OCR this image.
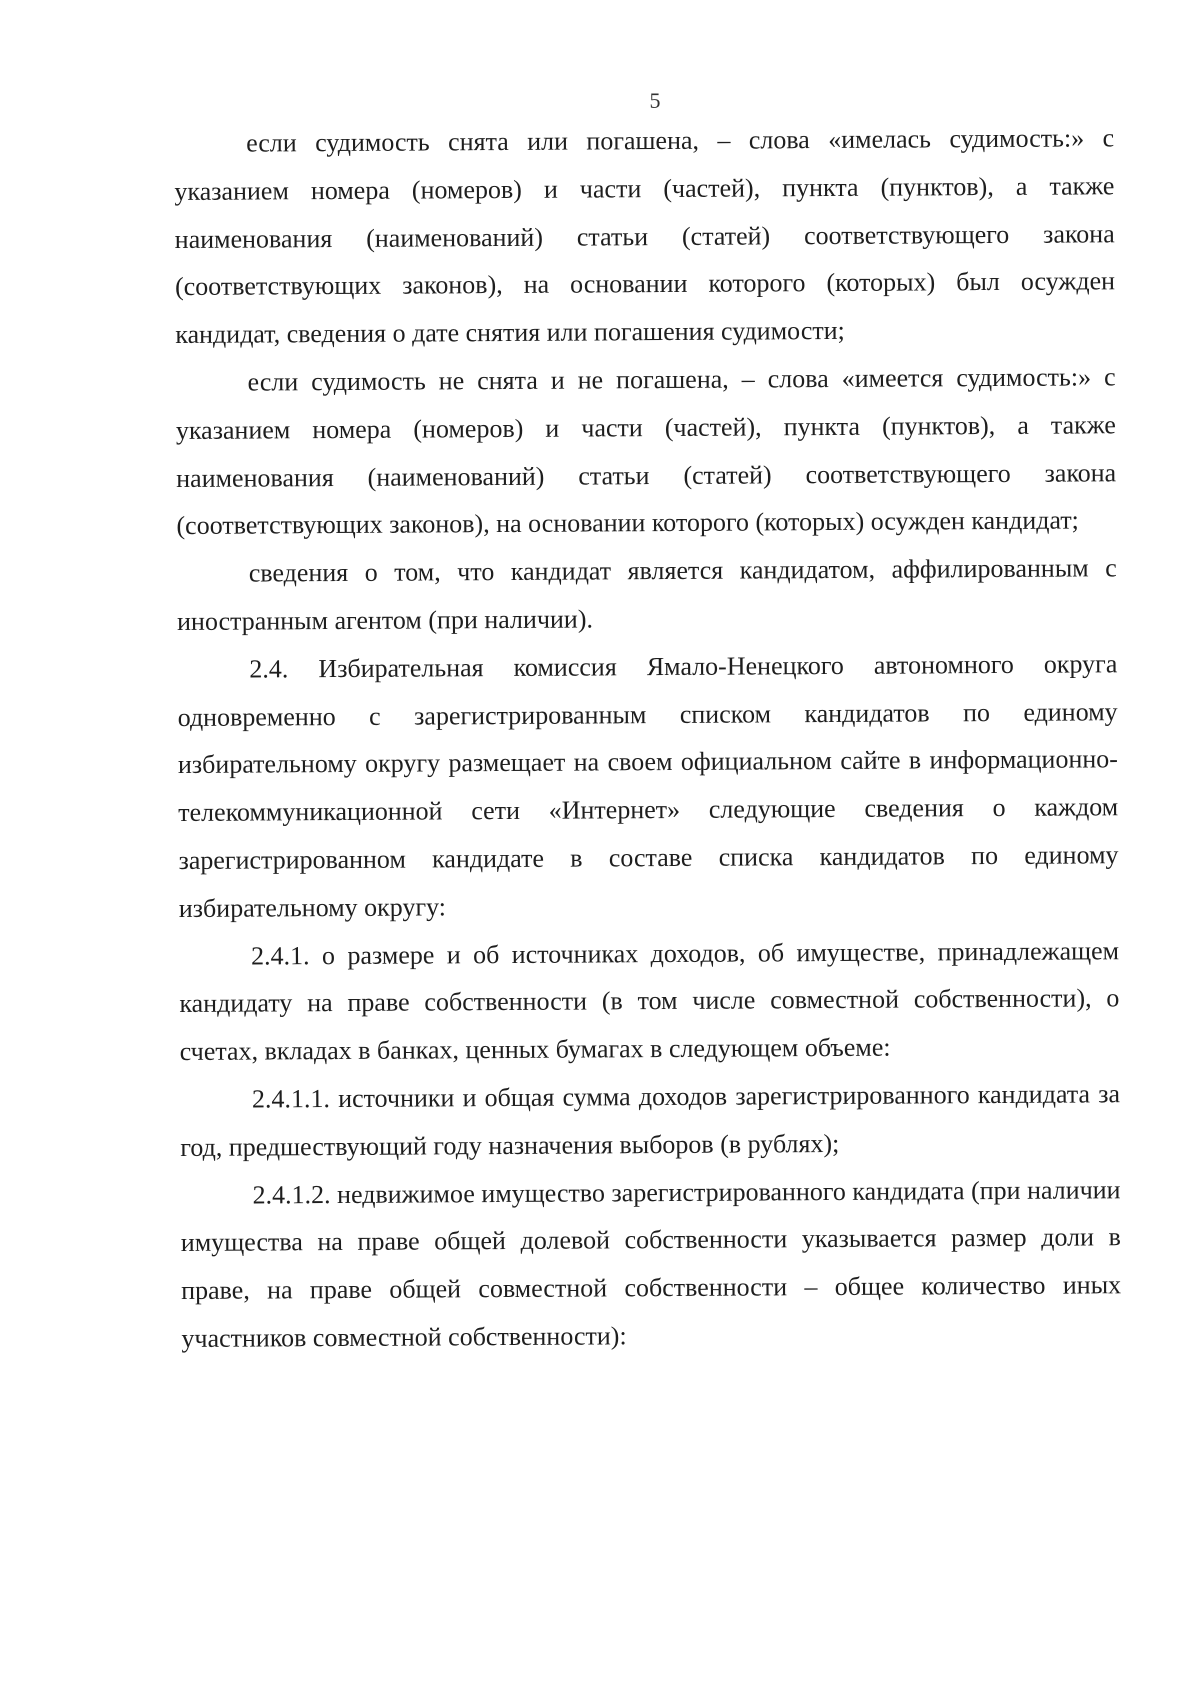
5

если судимость снята или погашена, – слова «имелась судимость:» с указанием номера (номеров) и части (частей), пункта (пунктов), а также наименования (наименований) статьи (статей) соответствующего закона (соответствующих законов), на основании которого (которых) был осужден кандидат, сведения о дате снятия или погашения судимости;

если судимость не снята и не погашена, – слова «имеется судимость:» с указанием номера (номеров) и части (частей), пункта (пунктов), а также наименования (наименований) статьи (статей) соответствующего закона (соответствующих законов), на основании которого (которых) осужден кандидат;

сведения о том, что кандидат является кандидатом, аффилированным с иностранным агентом (при наличии).

2.4. Избирательная комиссия Ямало-Ненецкого автономного округа одновременно с зарегистрированным списком кандидатов по единому избирательному округу размещает на своем официальном сайте в информационно-телекоммуникационной сети «Интернет» следующие сведения о каждом зарегистрированном кандидате в составе списка кандидатов по единому избирательному округу:

2.4.1. о размере и об источниках доходов, об имуществе, принадлежащем кандидату на праве собственности (в том числе совместной собственности), о счетах, вкладах в банках, ценных бумагах в следующем объеме:

2.4.1.1. источники и общая сумма доходов зарегистрированного кандидата за год, предшествующий году назначения выборов (в рублях);

2.4.1.2. недвижимое имущество зарегистрированного кандидата (при наличии имущества на праве общей долевой собственности указывается размер доли в праве, на праве общей совместной собственности – общее количество иных участников совместной собственности):
